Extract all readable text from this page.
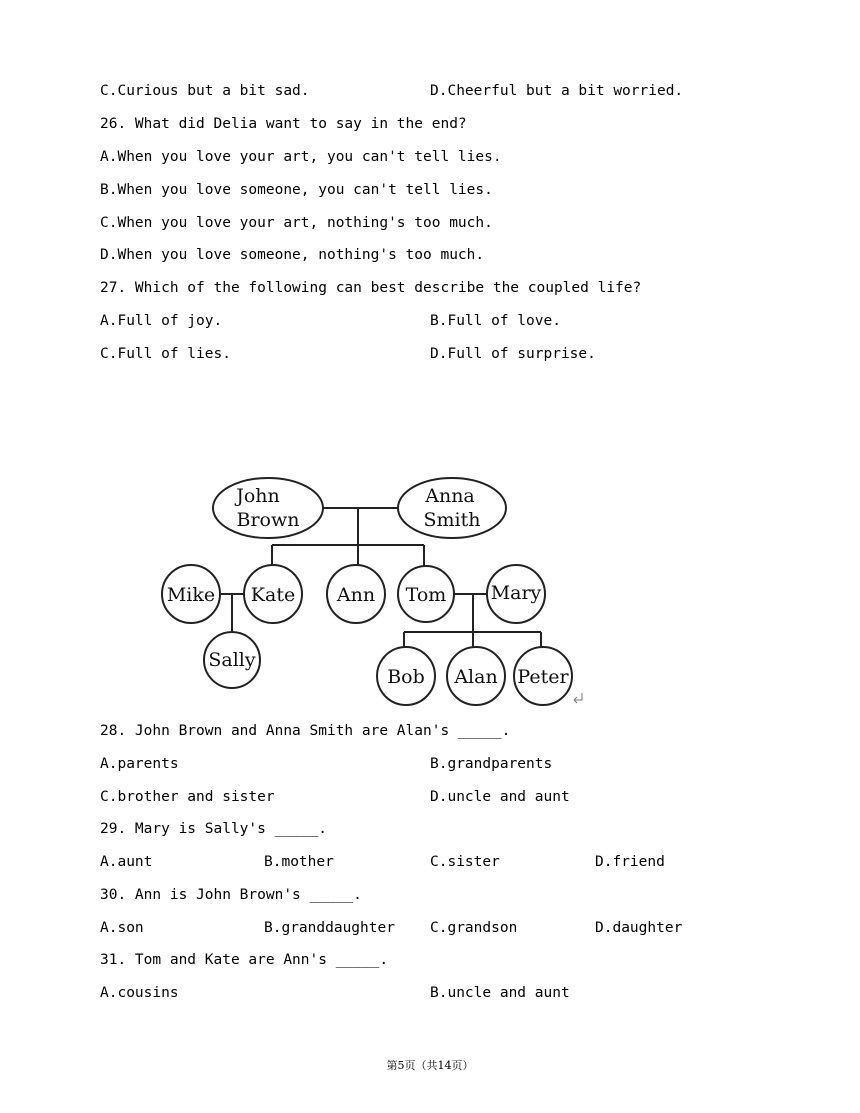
C.Curious but a bit sad.	D.Cheerful but a bit worried.
26. What did Delia want to say in the end?
A.When you love your art, you can't tell lies.
B.When you love someone, you can't tell lies.
C.When you love your art, nothing's too much.
D.When you love someone, nothing's too much.
27. Which of the following can best describe the coupled life?
A.Full of joy.	B.Full of love.
C.Full of lies.	D.Full of surprise.
John
Brown
Anna
Smith
Mike Kate Ann Tom Mary
Sally
Bob Alan Peter
28. John Brown and Anna Smith are Alan's _____.
A.parents	B.grandparents
C.brother and sister	D.uncle and aunt
29. Mary is Sally's _____.
A.aunt	B.mother	C.sister	D.friend
30. Ann is John Brown's _____.
A.son	B.granddaughter C.grandson	D.daughter
31. Tom and Kate are Ann's _____.
A.cousins	B.uncle and aunt
第5页（共14页）
